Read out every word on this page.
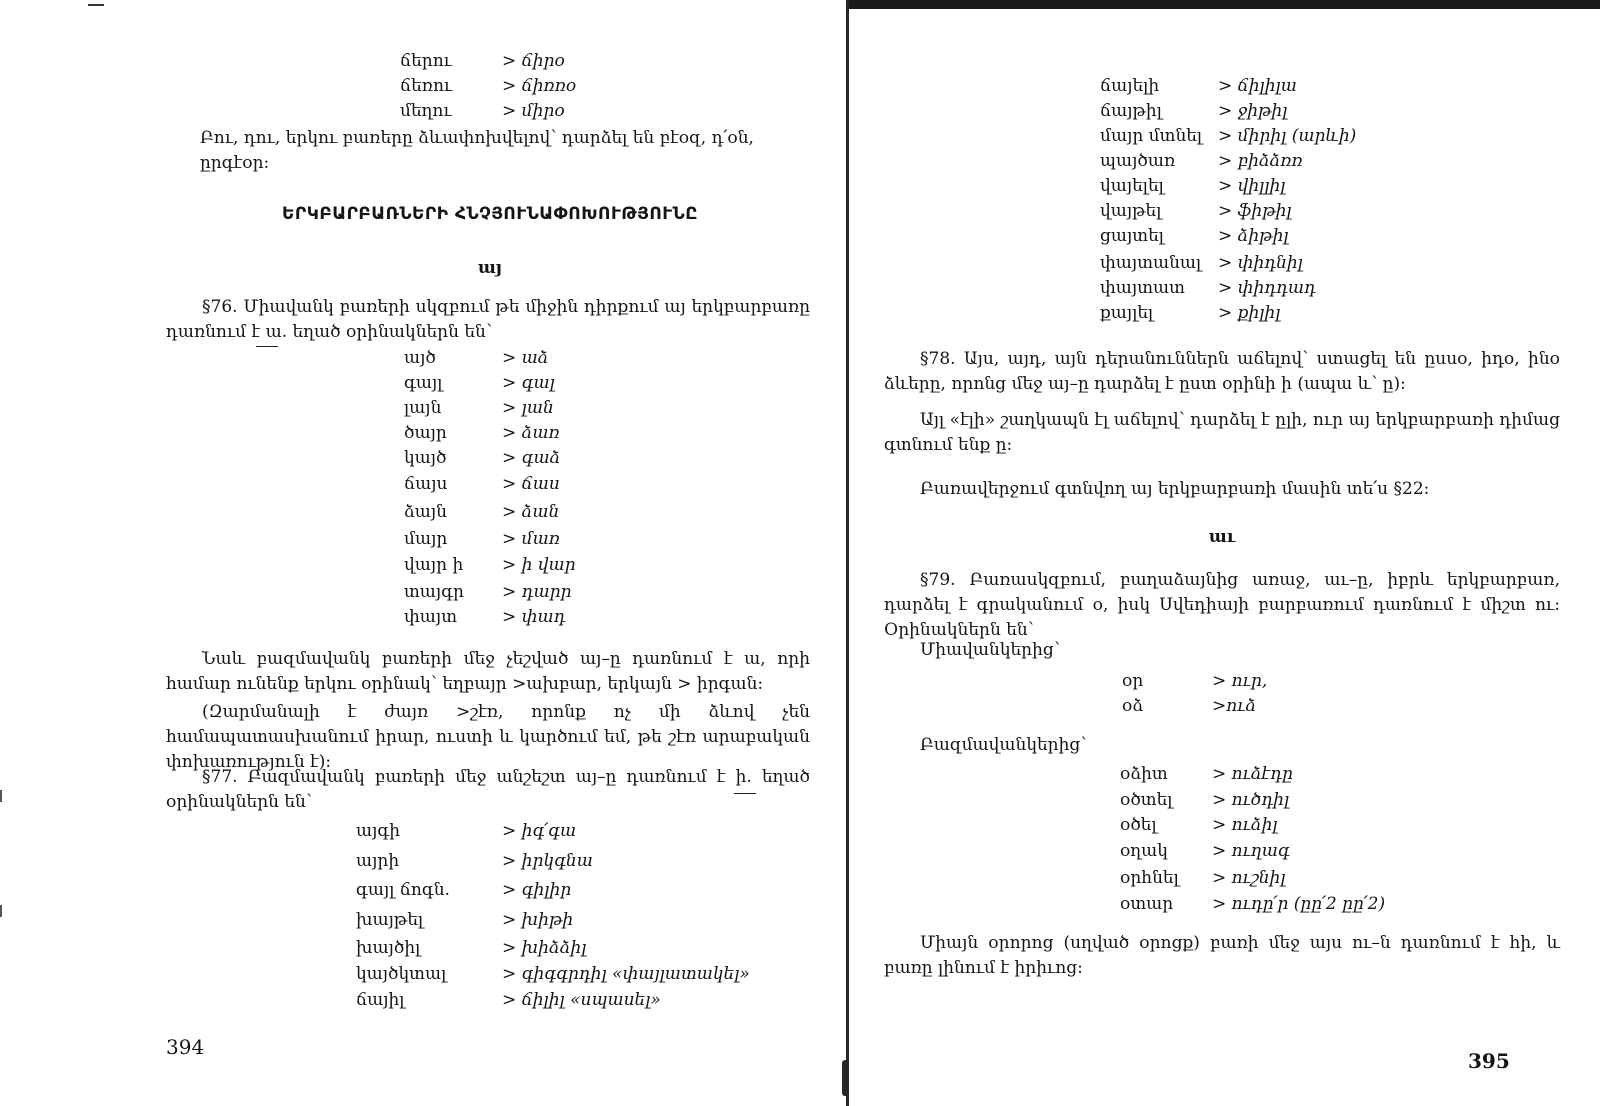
ճերու	> ճիրօ
ճեռու	> ճիռռօ
մեղու	> միրօ
Բու, դու, երկու բառերը ձևափոխվելով՝ դարձել են բէօզ, դ՛օն, ըրգէօր:
ԵՐԿԲԱՐԲԱՌՆԵՐԻ ՀՆՉՅՈՒՆԱՓՈԽՈՒԹՅՈՒՆԸ
այ
§76. Միավանկ բառերի սկզբում թե միջին դիրքում այ երկբարբառը դառնում է ա. եղած օրինակներն են՝
այծ	> աձ
գայլ	> գալ
լայն	> լան
ծայր	> ձառ
կայծ	> գաձ
ճայս	> ճաս
ձայն	> ձան
մայր	> մառ
վայր ի > ի վար
տայգր > դարր
փայտ	> փադ
Նաև բազմավանկ բառերի մեջ չեշված այ–ը դառնում է ա, որի համար ունենք երկու օրինակ՝ եղբայր >ախբար, երկայն > իրգան:
(Զարմանալի է ժայռ >շէռ, որոնք ոչ մի ձևով չեն համապատասխանում իրար, ուստի և կարծում եմ, թե շէռ արաբական փոխառություն է):
§77. Բազմավանկ բառերի մեջ անշեշտ այ–ը դառնում է ի. եղած օրինակներն են՝
այգի	> իգ՛գա
այրի	> իրկգնա
գայլ ճոգն.	> գիլիր
խայթել	> խիթի
խայծիլ	> խիձձիլ
կայծկտալ	> գիգգրդիլ «փայլատակել»
ճայիլ	> ճիլիլ «սպասել»
394
ճայելի	> ճիլիլա
ճայթիլ	> ջիթիլ
մայր մտնել > միրիլ (արևի)
պայծառ	> բիձձռռ
վայելել	> վիլլիլ
վայթել	> ֆիթիլ
ցայտել	> ձիթիլ
փայտանալ > փիդնիլ
փայտատ > փիդդադ
քայլել	> քիլիլ
§78. Այս, այդ, այն դերանուններն աճելով՝ ստացել են ըսսօ, իդօ, ինօ ձևերը, որոնց մեջ այ–ը դարձել է ըստ օրինի ի (ապա և՝ ը):
Այլ «էլի» շաղկապն էլ աճելով՝ դարձել է ըլի, ուր այ երկբարբառի դիմաց գտնում ենք ը:
Բառավերջում գտնվող այ երկբարբառի մասին տե՛ս §22:
աւ
§79. Բառասկզբում, բաղաձայնից առաջ, աւ–ը, իբրև երկբարբառ, դարձել է գրականում օ, իսկ Սվեդիայի բարբառում դառնում է միշտ ու: Օրինակներն են՝
Միավանկերից՝
օր	> ուր,
օձ	>ուձ
Բազմավանկերից՝
օձիտ	> ուձէդը
օծտել > ուծդիլ
օծել	> ուձիլ
օղակ	> ուղագ
օրհնել > ուշնիլ
օտար > ուդը՛ր (ըը՛2 ըը՛2)
Միայն օրորոց (սղված օրոցք) բառի մեջ այս ու–ն դառնում է հի, և բառը լինում է իրիւոց:
395
